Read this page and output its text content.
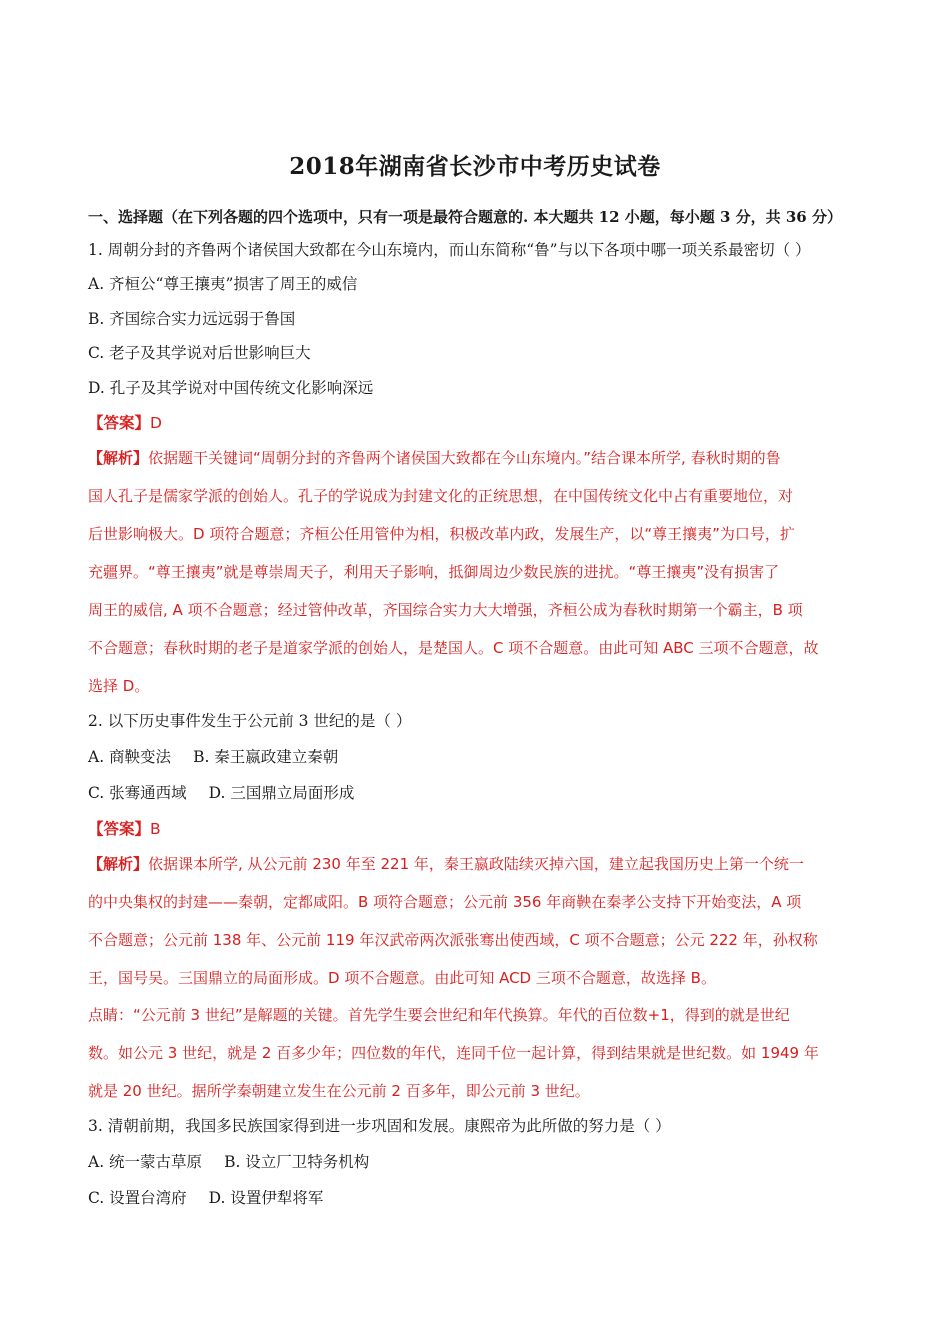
2018年湖南省长沙市中考历史试卷
一、选择题（在下列各题的四个选项中，只有一项是最符合题意的. 本大题共 12 小题，每小题 3 分，共 36 分）
1. 周朝分封的齐鲁两个诸侯国大致都在今山东境内，而山东简称“鲁”与以下各项中哪一项关系最密切（ ）
A. 齐桓公“尊王攘夷”损害了周王的威信
B. 齐国综合实力远远弱于鲁国
C. 老子及其学说对后世影响巨大
D. 孔子及其学说对中国传统文化影响深远
【答案】D
【解析】依据题干关键词“周朝分封的齐鲁两个诸侯国大致都在今山东境内。”结合课本所学, 春秋时期的鲁
国人孔子是儒家学派的创始人。孔子的学说成为封建文化的正统思想，在中国传统文化中占有重要地位，对
后世影响极大。D 项符合题意；齐桓公任用管仲为相，积极改革内政，发展生产，以“尊王攘夷”为口号，扩
充疆界。“尊王攘夷”就是尊崇周天子，利用天子影响，抵御周边少数民族的进扰。“尊王攘夷”没有损害了
周王的威信, A 项不合题意；经过管仲改革，齐国综合实力大大增强，齐桓公成为春秋时期第一个霸主，B 项
不合题意；春秋时期的老子是道家学派的创始人，是楚国人。C 项不合题意。由此可知 ABC 三项不合题意，故
选择 D。
2. 以下历史事件发生于公元前 3 世纪的是（ ）
A. 商鞅变法 B. 秦王嬴政建立秦朝
C. 张骞通西域 D. 三国鼎立局面形成
【答案】B
【解析】依据课本所学, 从公元前 230 年至 221 年，秦王嬴政陆续灭掉六国，建立起我国历史上第一个统一
的中央集权的封建——秦朝，定都咸阳。B 项符合题意；公元前 356 年商鞅在秦孝公支持下开始变法，A 项
不合题意；公元前 138 年、公元前 119 年汉武帝两次派张骞出使西域，C 项不合题意；公元 222 年，孙权称
王，国号吴。三国鼎立的局面形成。D 项不合题意。由此可知 ACD 三项不合题意，故选择 B。
点睛：“公元前 3 世纪”是解题的关键。首先学生要会世纪和年代换算。年代的百位数+1，得到的就是世纪
数。如公元 3 世纪，就是 2 百多少年；四位数的年代，连同千位一起计算，得到结果就是世纪数。如 1949 年
就是 20 世纪。据所学秦朝建立发生在公元前 2 百多年，即公元前 3 世纪。
3. 清朝前期，我国多民族国家得到进一步巩固和发展。康熙帝为此所做的努力是（ ）
A. 统一蒙古草原 B. 设立厂卫特务机构
C. 设置台湾府 D. 设置伊犁将军
